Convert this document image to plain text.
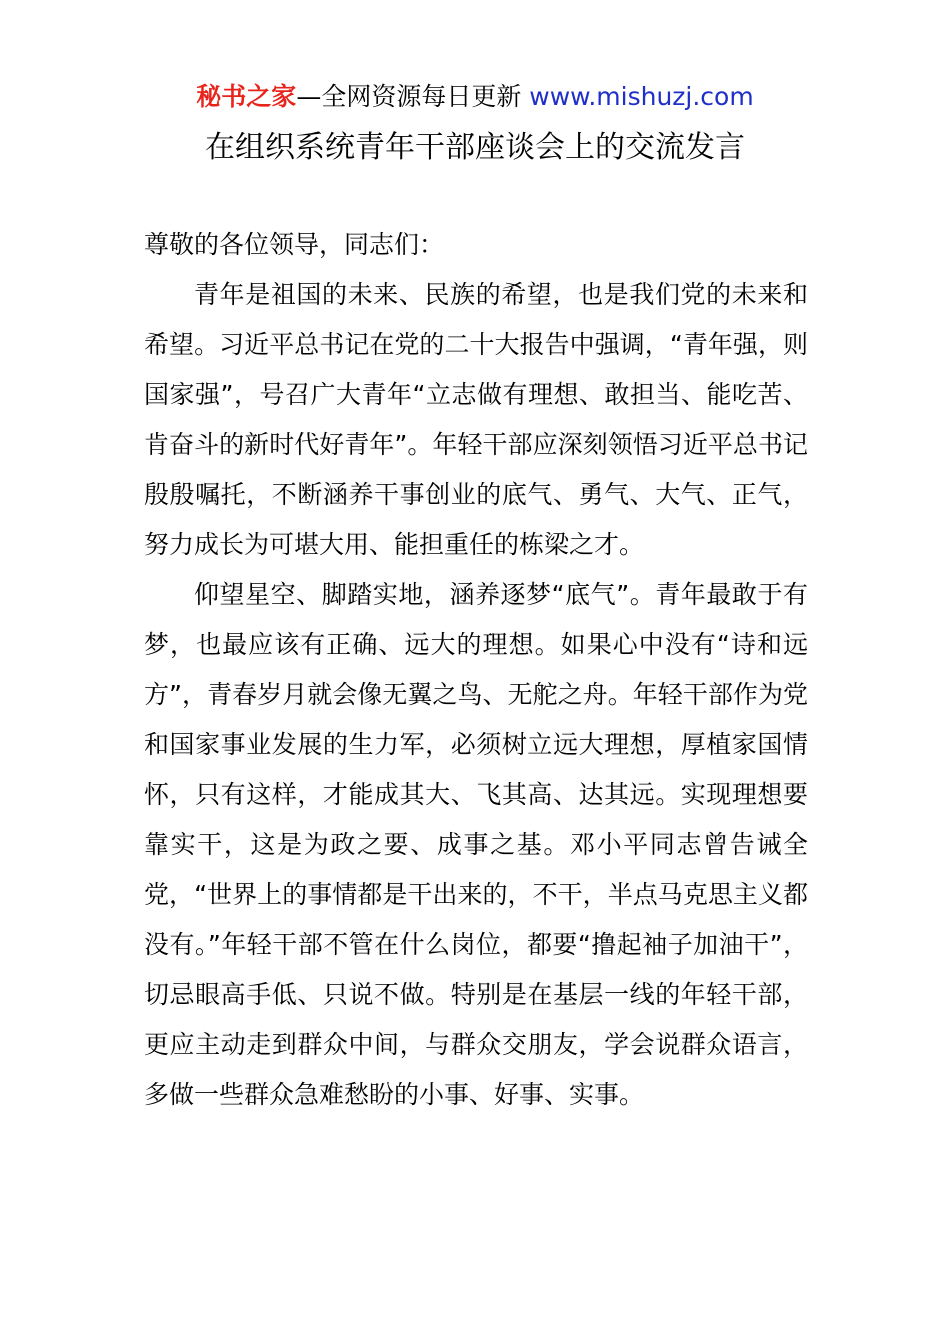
秘书之家—全网资源每日更新 www.mishuzj.com
在组织系统青年干部座谈会上的交流发言

尊敬的各位领导，同志们：

青年是祖国的未来、民族的希望，也是我们党的未来和希望。习近平总书记在党的二十大报告中强调，“青年强，则国家强”，号召广大青年“立志做有理想、敢担当、能吃苦、肯奋斗的新时代好青年”。年轻干部应深刻领悟习近平总书记殷殷嘱托，不断涵养干事创业的底气、勇气、大气、正气，努力成长为可堪大用、能担重任的栋梁之才。

仰望星空、脚踏实地，涵养逐梦“底气”。青年最敢于有梦，也最应该有正确、远大的理想。如果心中没有“诗和远方”，青春岁月就会像无翼之鸟、无舵之舟。年轻干部作为党和国家事业发展的生力军，必须树立远大理想，厚植家国情怀，只有这样，才能成其大、飞其高、达其远。实现理想要靠实干，这是为政之要、成事之基。邓小平同志曾告诫全党，“世界上的事情都是干出来的，不干，半点马克思主义都没有。”年轻干部不管在什么岗位，都要“撸起袖子加油干”，切忌眼高手低、只说不做。特别是在基层一线的年轻干部，更应主动走到群众中间，与群众交朋友，学会说群众语言，多做一些群众急难愁盼的小事、好事、实事。
